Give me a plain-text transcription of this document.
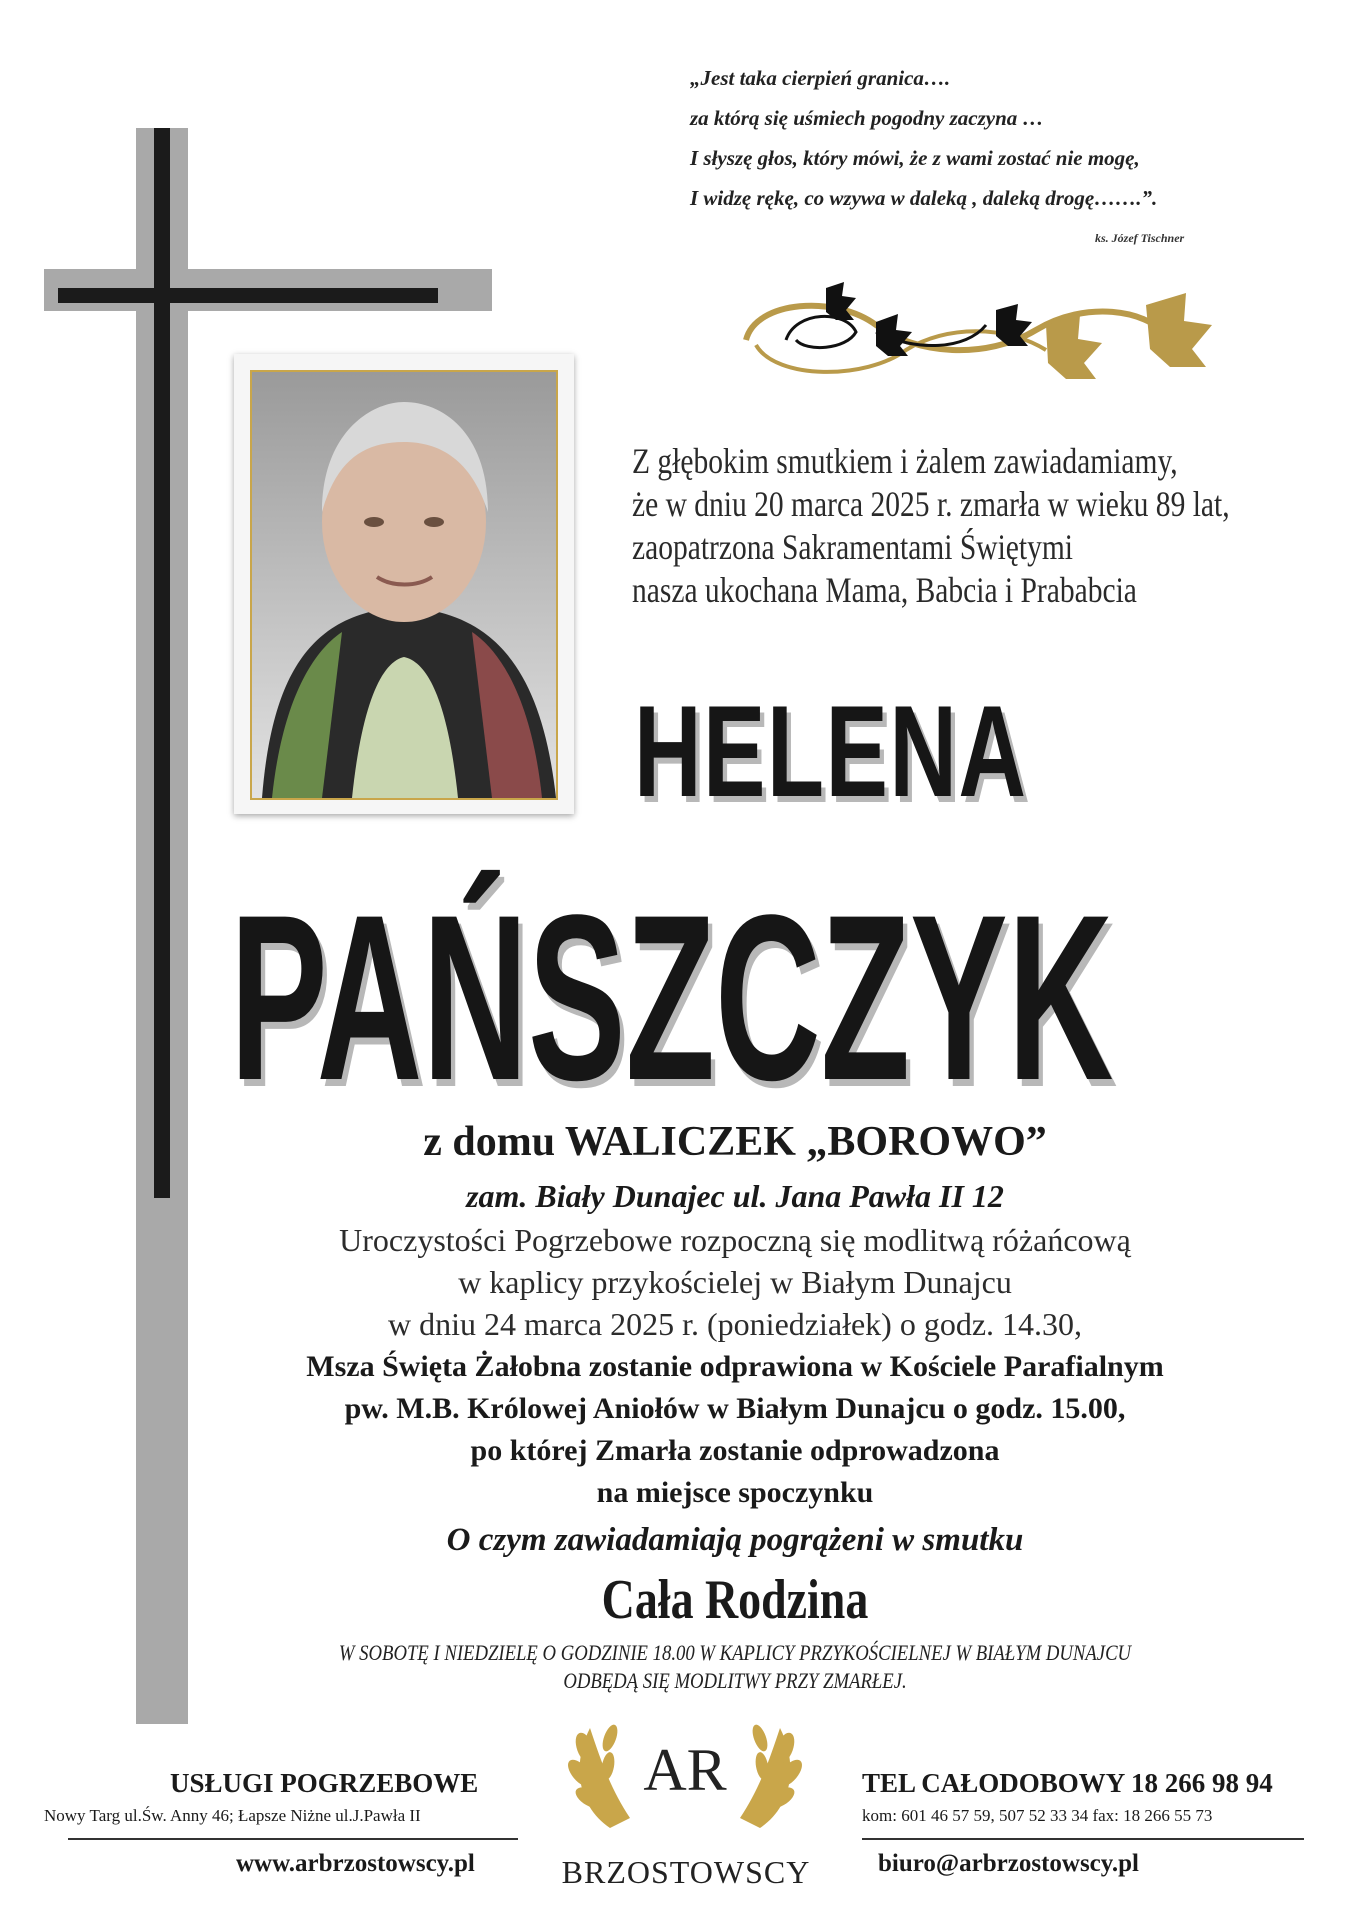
„Jest taka cierpień granica….
za którą się uśmiech pogodny zaczyna …
I słyszę głos, który mówi, że z wami zostać nie mogę,
I widzę rękę, co wzywa w daleką , daleką drogę…….”.
ks. Józef Tischner
Z głębokim smutkiem i żalem zawiadamiamy,
że w dniu 20 marca 2025 r. zmarła w wieku 89 lat,
zaopatrzona Sakramentami Świętymi
nasza ukochana Mama, Babcia i Prababcia
HELENA
PAŃSZCZYK
z domu WALICZEK „BOROWO”
zam. Biały Dunajec ul. Jana Pawła II 12
Uroczystości Pogrzebowe rozpoczną się modlitwą różańcową
w kaplicy przykościelej w Białym Dunajcu
w dniu 24 marca 2025 r. (poniedziałek) o godz. 14.30,
Msza Święta Żałobna zostanie odprawiona w Kościele Parafialnym
pw. M.B. Królowej Aniołów w Białym Dunajcu o godz. 15.00,
po której Zmarła zostanie odprowadzona
na miejsce spoczynku
O czym zawiadamiają pogrążeni w smutku
Cała Rodzina
W SOBOTĘ I NIEDZIELĘ O GODZINIE 18.00 W KAPLICY PRZYKOŚCIELNEJ W BIAŁYM DUNAJCU
ODBĘDĄ SIĘ MODLITWY PRZY ZMARŁEJ.
USŁUGI POGRZEBOWE
Nowy Targ ul.Św. Anny 46; Łapsze Niżne ul.J.Pawła II
www.arbrzostowscy.pl
AR
BRZOSTOWSCY
TEL CAŁODOBOWY 18 266 98 94
kom: 601 46 57 59, 507 52 33 34 fax: 18 266 55 73
biuro@arbrzostowscy.pl
